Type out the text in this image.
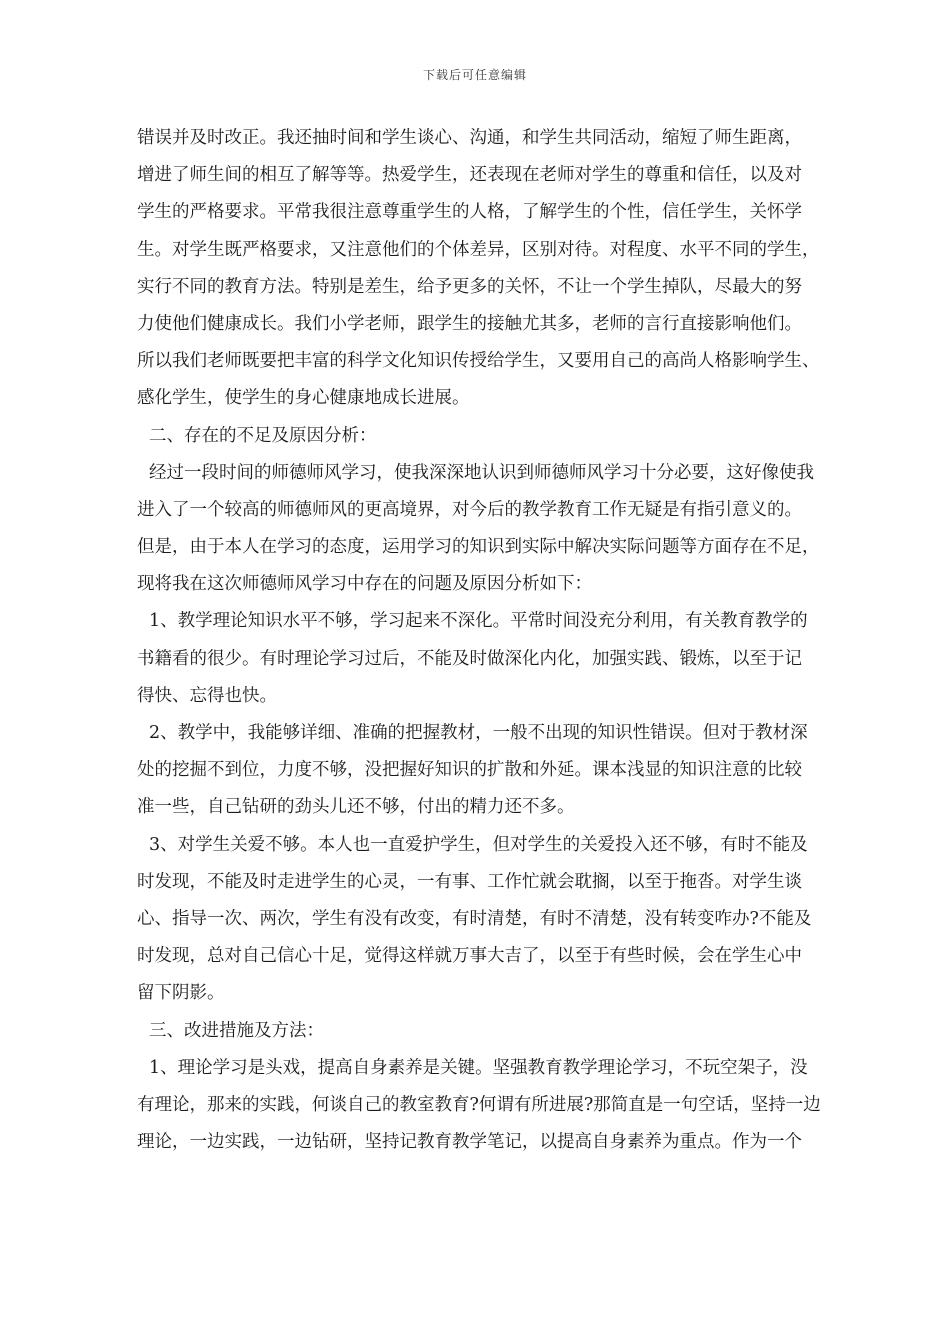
下载后可任意编辑
错误并及时改正。我还抽时间和学生谈心、沟通，和学生共同活动，缩短了师生距离，
增进了师生间的相互了解等等。热爱学生，还表现在老师对学生的尊重和信任，以及对
学生的严格要求。平常我很注意尊重学生的人格，了解学生的个性，信任学生，关怀学
生。对学生既严格要求，又注意他们的个体差异，区别对待。对程度、水平不同的学生，
实行不同的教育方法。特别是差生，给予更多的关怀，不让一个学生掉队，尽最大的努
力使他们健康成长。我们小学老师，跟学生的接触尤其多，老师的言行直接影响他们。
所以我们老师既要把丰富的科学文化知识传授给学生，又要用自己的高尚人格影响学生、
感化学生，使学生的身心健康地成长进展。
二、存在的不足及原因分析：
经过一段时间的师德师风学习，使我深深地认识到师德师风学习十分必要，这好像使我
进入了一个较高的师德师风的更高境界，对今后的教学教育工作无疑是有指引意义的。
但是，由于本人在学习的态度，运用学习的知识到实际中解决实际问题等方面存在不足，
现将我在这次师德师风学习中存在的问题及原因分析如下：
1、教学理论知识水平不够，学习起来不深化。平常时间没充分利用，有关教育教学的
书籍看的很少。有时理论学习过后，不能及时做深化内化，加强实践、锻炼，以至于记
得快、忘得也快。
2、教学中，我能够详细、准确的把握教材，一般不出现的知识性错误。但对于教材深
处的挖掘不到位，力度不够，没把握好知识的扩散和外延。课本浅显的知识注意的比较
准一些，自己钻研的劲头儿还不够，付出的精力还不多。
3、对学生关爱不够。本人也一直爱护学生，但对学生的关爱投入还不够，有时不能及
时发现，不能及时走进学生的心灵，一有事、工作忙就会耽搁，以至于拖沓。对学生谈
心、指导一次、两次，学生有没有改变，有时清楚，有时不清楚，没有转变咋办?不能及
时发现，总对自己信心十足，觉得这样就万事大吉了，以至于有些时候，会在学生心中
留下阴影。
三、改进措施及方法：
1、理论学习是头戏，提高自身素养是关键。坚强教育教学理论学习，不玩空架子，没
有理论，那来的实践，何谈自己的教室教育?何谓有所进展?那简直是一句空话，坚持一边
理论，一边实践，一边钻研，坚持记教育教学笔记，以提高自身素养为重点。作为一个
